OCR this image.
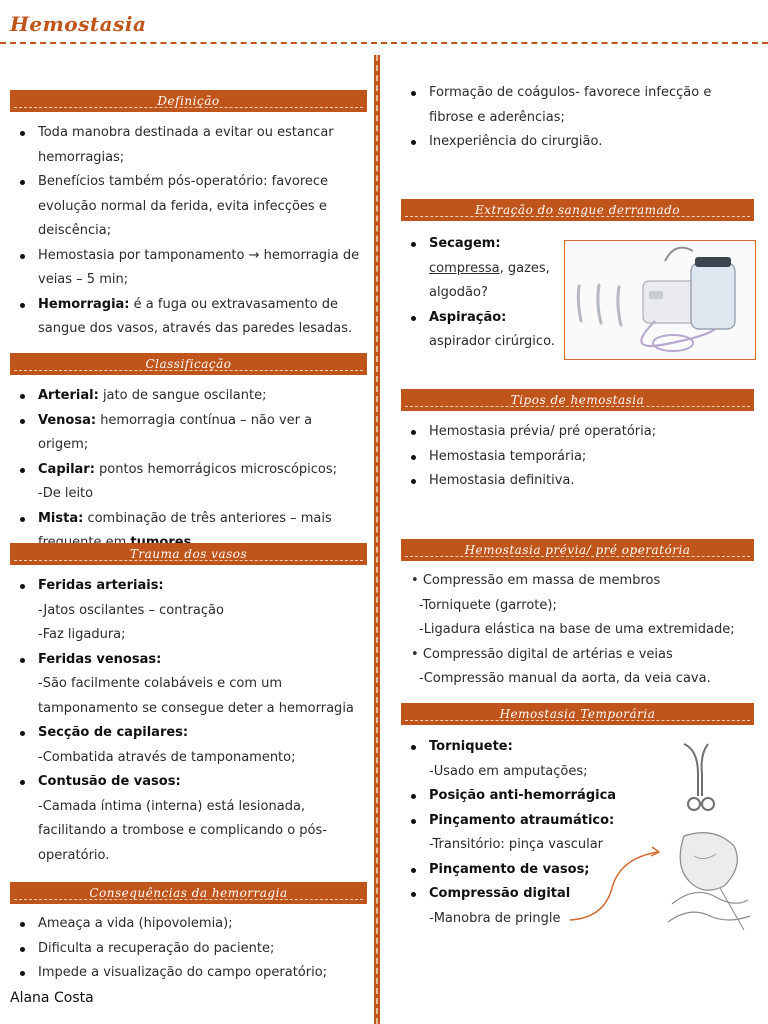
Hemostasia
Definição
Toda manobra destinada a evitar ou estancar hemorragias;
Benefícios também pós-operatório: favorece evolução normal da ferida, evita infecções e deiscência;
Hemostasia por tamponamento → hemorragia de veias – 5 min;
Hemorragia: é a fuga ou extravasamento de sangue dos vasos, através das paredes lesadas.
Classificação
Arterial: jato de sangue oscilante;
Venosa: hemorragia contínua – não ver a origem;
Capilar: pontos hemorrágicos microscópicos;
-De leito
Mista: combinação de três anteriores – mais
Trauma dos vasos
Feridas arteriais:
-Jatos oscilantes – contração
-Faz ligadura;
Feridas venosas:
-São facilmente colabáveis e com um tamponamento se consegue deter a hemorragia
Secção de capilares:
-Combatida através de tamponamento;
Contusão de vasos:
-Camada íntima (interna) está lesionada, facilitando a trombose e complicando o pós-operatório.
Consequências da hemorragia
Ameaça a vida (hipovolemia);
Dificulta a recuperação do paciente;
Impede a visualização do campo operatório;
Alana Costa
Formação de coágulos- favorece infecção e fibrose e aderências;
Inexperiência do cirurgião.
Extração do sangue derramado
Secagem:
compressa, gazes, algodão?
Aspiração:
aspirador cirúrgico.
Tipos de hemostasia
Hemostasia prévia/ pré operatória;
Hemostasia temporária;
Hemostasia definitiva.
Hemostasia prévia/ pré operatória
• Compressão em massa de membros
-Torniquete (garrote);
-Ligadura elástica na base de uma extremidade;
• Compressão digital de artérias e veias
-Compressão manual da aorta, da veia cava.
Hemostasia Temporária
Torniquete:
-Usado em amputações;
Posição anti-hemorrágica
Pinçamento atraumático:
-Transitório: pinça vascular
Pinçamento de vasos;
Compressão digital
-Manobra de pringle
